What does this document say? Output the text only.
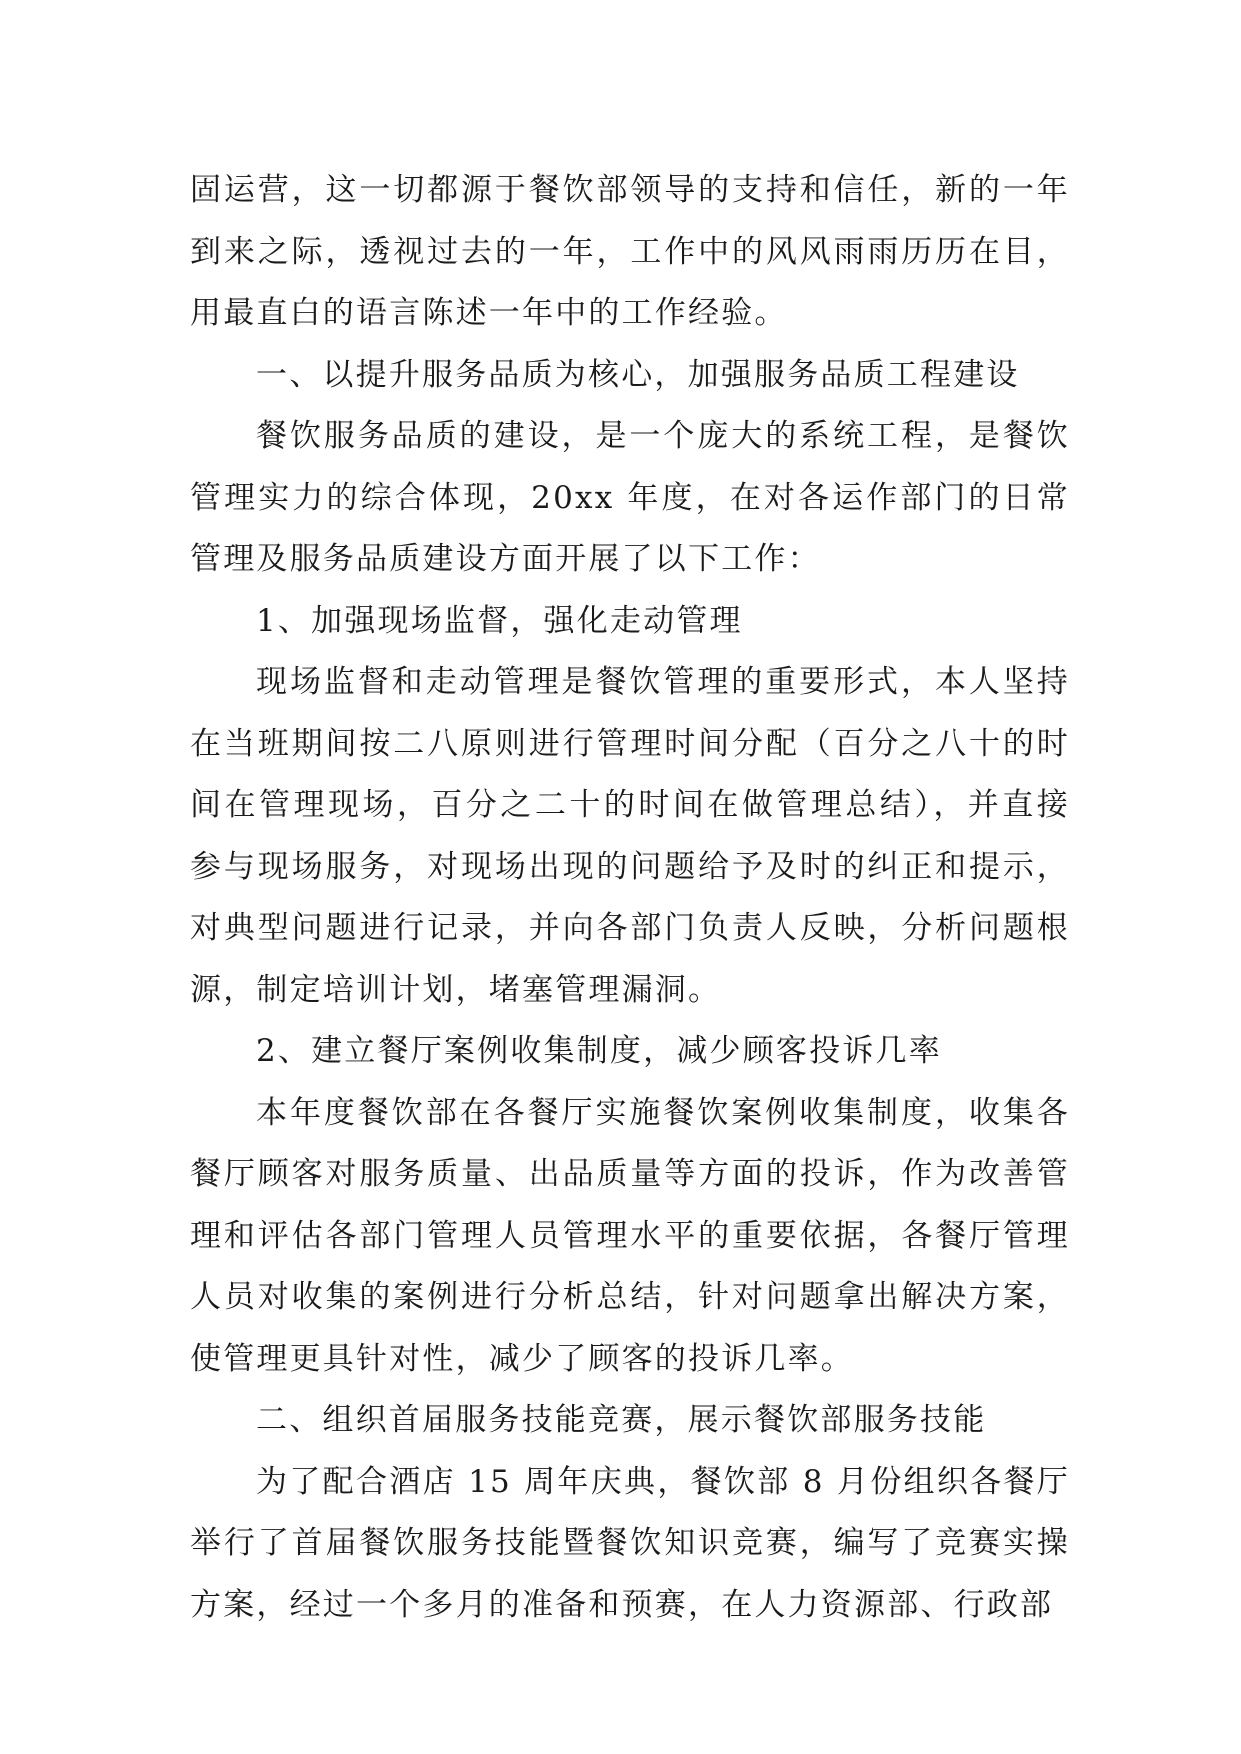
固运营，这一切都源于餐饮部领导的支持和信任，新的一年到来之际，透视过去的一年，工作中的风风雨雨历历在目，用最直白的语言陈述一年中的工作经验。

一、以提升服务品质为核心，加强服务品质工程建设

餐饮服务品质的建设，是一个庞大的系统工程，是餐饮管理实力的综合体现，20xx 年度，在对各运作部门的日常管理及服务品质建设方面开展了以下工作：

1、加强现场监督，强化走动管理

现场监督和走动管理是餐饮管理的重要形式，本人坚持在当班期间按二八原则进行管理时间分配（百分之八十的时间在管理现场，百分之二十的时间在做管理总结），并直接参与现场服务，对现场出现的问题给予及时的纠正和提示，对典型问题进行记录，并向各部门负责人反映，分析问题根源，制定培训计划，堵塞管理漏洞。

2、建立餐厅案例收集制度，减少顾客投诉几率

本年度餐饮部在各餐厅实施餐饮案例收集制度，收集各餐厅顾客对服务质量、出品质量等方面的投诉，作为改善管理和评估各部门管理人员管理水平的重要依据，各餐厅管理人员对收集的案例进行分析总结，针对问题拿出解决方案，使管理更具针对性，减少了顾客的投诉几率。

二、组织首届服务技能竞赛，展示餐饮部服务技能

为了配合酒店 15 周年庆典，餐饮部 8 月份组织各餐厅举行了首届餐饮服务技能暨餐饮知识竞赛，编写了竞赛实操方案，经过一个多月的准备和预赛，在人力资源部、行政部
